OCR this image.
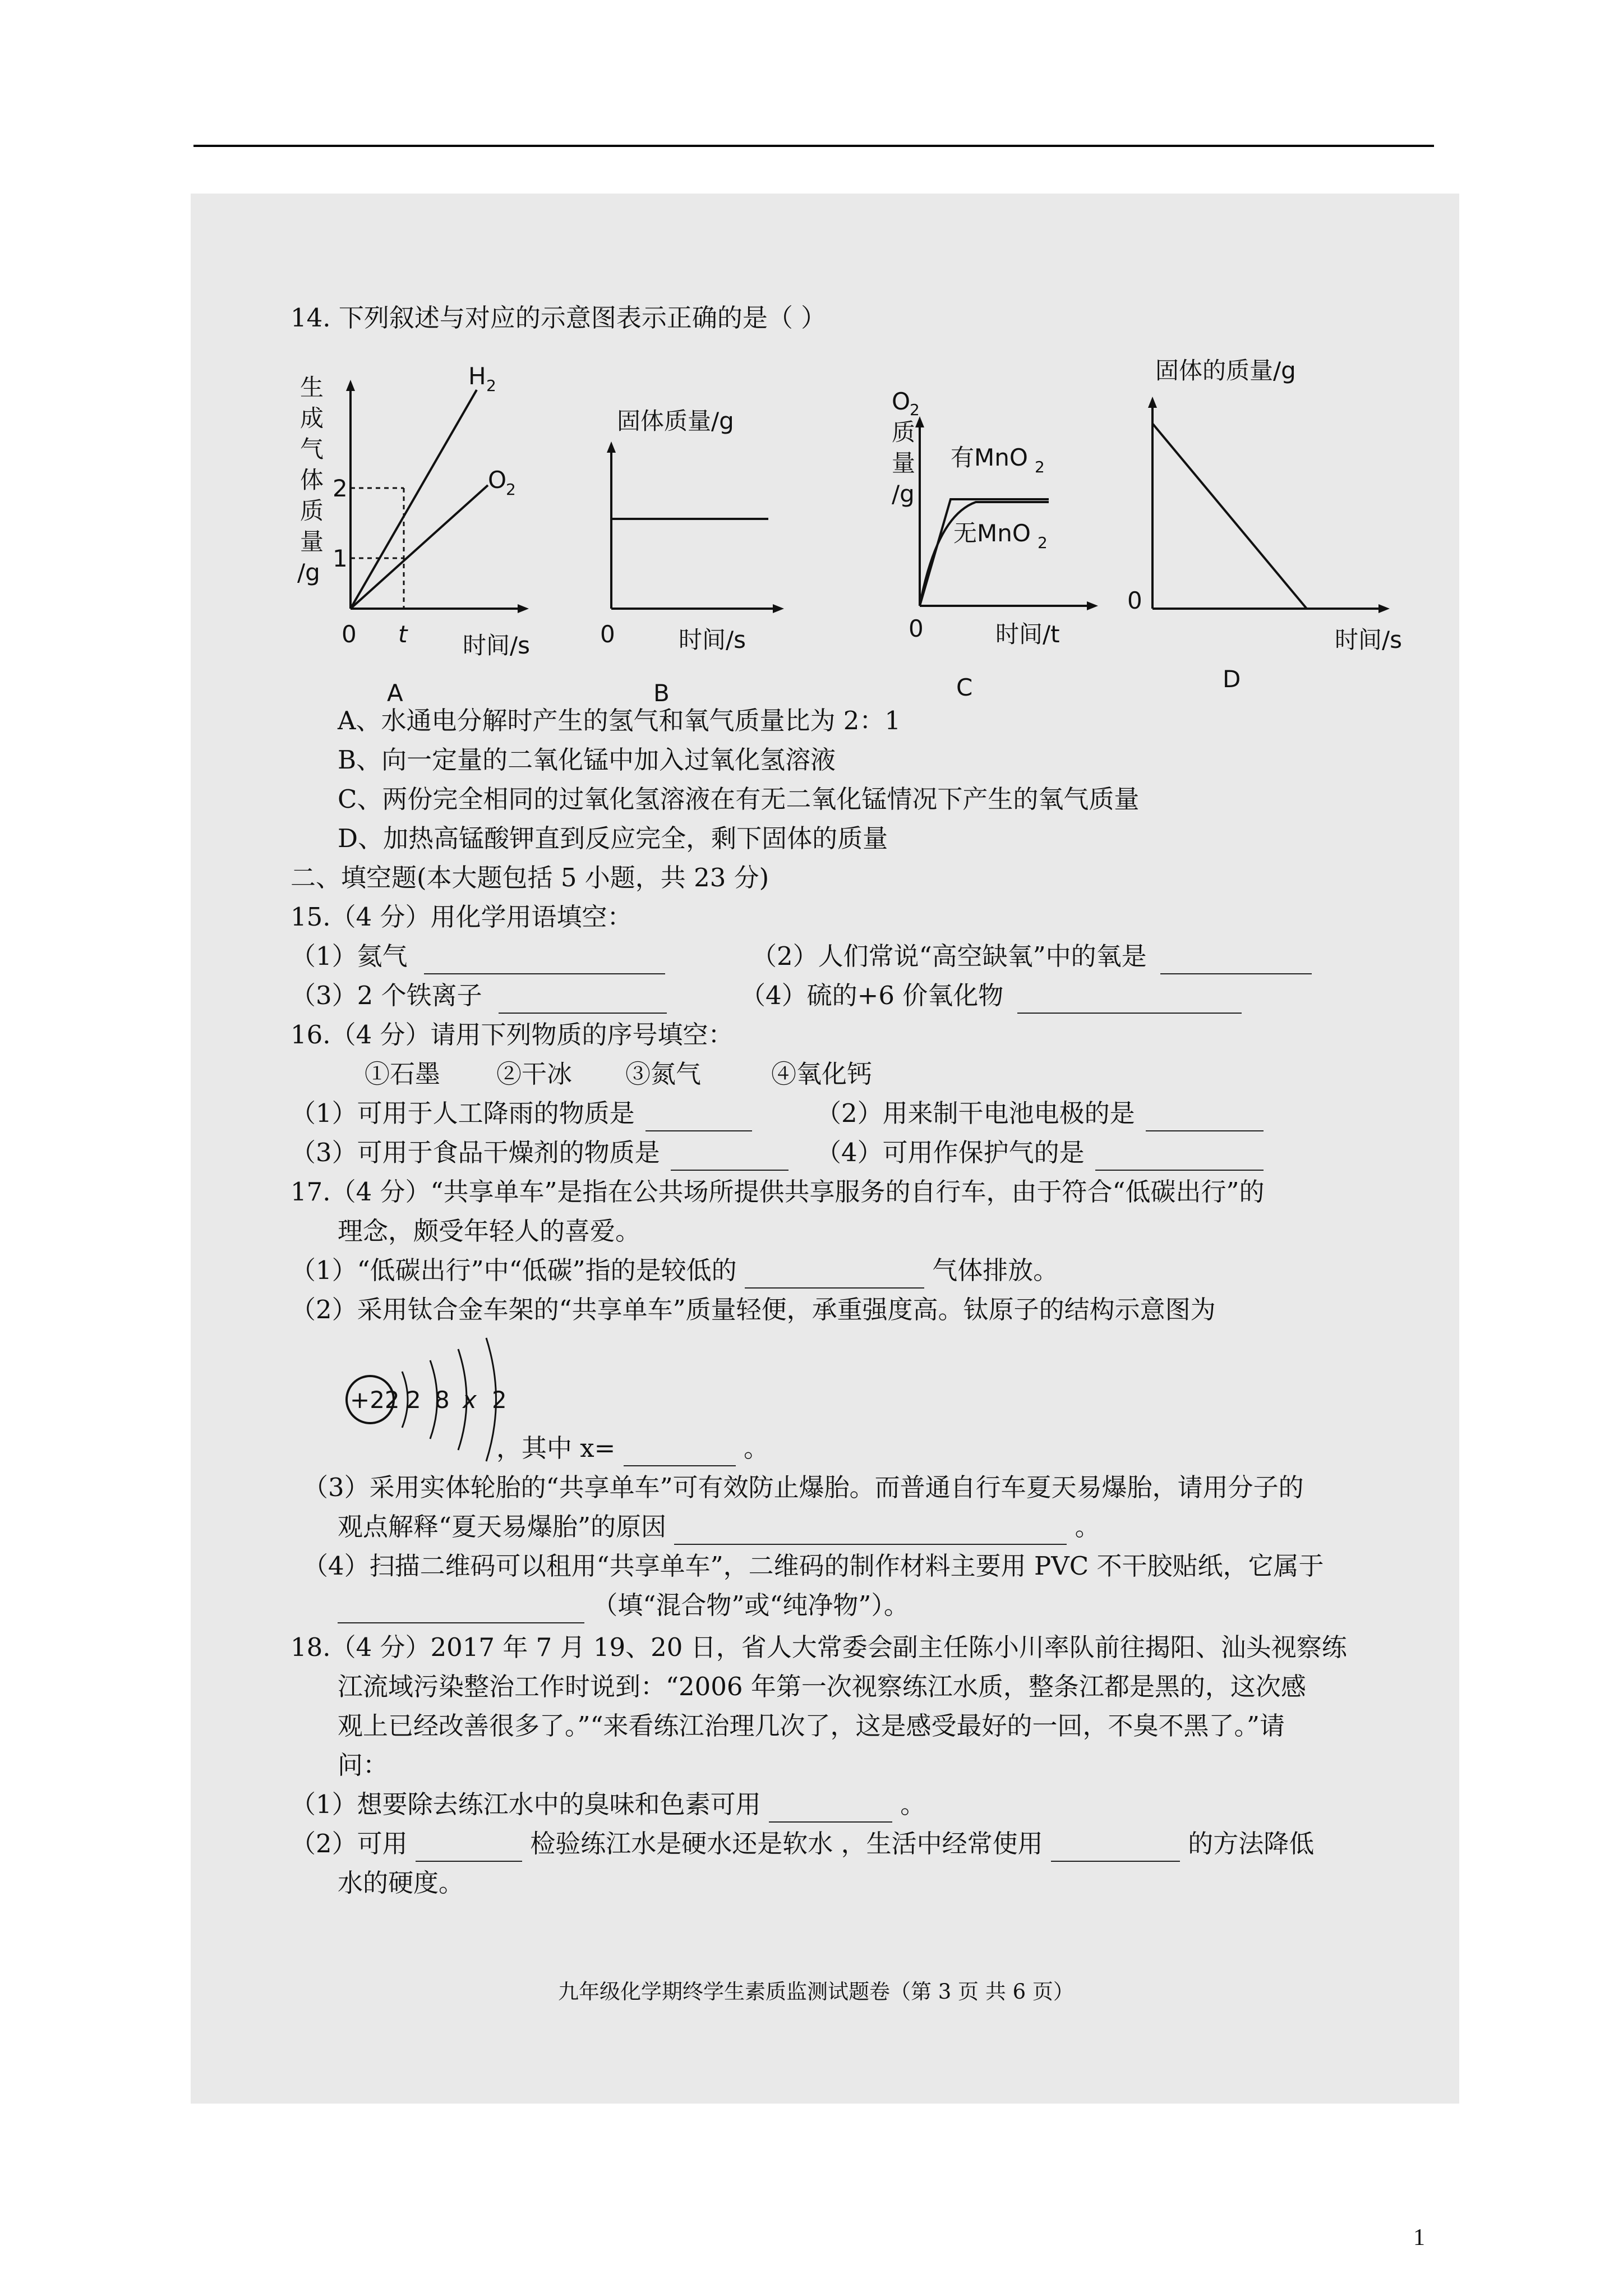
14. 下列叙述与对应的示意图表示正确的是（ ）
生
成
气
体
质
量
/g
2
1
0 t
H 2
O
2
时间/s
A
固体质量/g
0	时间/s
B
O
2
质
量
/g
有MnO 2
无MnO 2
0	时间/t
C
固体的质量/g
0
时间/s
D
A、水通电分解时产生的氢气和氧气质量比为 2：1
B、向一定量的二氧化锰中加入过氧化氢溶液
C、两份完全相同的过氧化氢溶液在有无二氧化锰情况下产生的氧气质量
D、加热高锰酸钾直到反应完全，剩下固体的质量
二、填空题(本大题包括 5 小题，共 23 分)
15.（4 分）用化学用语填空：
（1）氦气	（2）人们常说“高空缺氧”中的氧是
（3）2 个铁离子	（4）硫的+6 价氧化物
16.（4 分）请用下列物质的序号填空：
①石墨 ②干冰 ③氮气	④氧化钙
（1）可用于人工降雨的物质是	（2）用来制干电池电极的是
（3）可用于食品干燥剂的物质是	（4）可用作保护气的是
17.（4 分）“共享单车”是指在公共场所提供共享服务的自行车，由于符合“低碳出行”的
理念，颇受年轻人的喜爱。
（1）“低碳出行”中“低碳”指的是较低的	气体排放。
（2）采用钛合金车架的“共享单车”质量轻便，承重强度高。钛原子的结构示意图为
+22 2 8 x 2
，其中 x=	。
（3）采用实体轮胎的“共享单车”可有效防止爆胎。而普通自行车夏天易爆胎，请用分子的
观点解释“夏天易爆胎”的原因	。
（4）扫描二维码可以租用“共享单车”，二维码的制作材料主要用 PVC 不干胶贴纸，它属于
（填“混合物”或“纯净物”）。
18.（4 分）2017 年 7 月 19、20 日，省人大常委会副主任陈小川率队前往揭阳、汕头视察练
江流域污染整治工作时说到：“2006 年第一次视察练江水质，整条江都是黑的，这次感
观上已经改善很多了。”“来看练江治理几次了，这是感受最好的一回，不臭不黑了。”请
问：
（1）想要除去练江水中的臭味和色素可用	。
（2）可用	检验练江水是硬水还是软水 ，生活中经常使用	的方法降低
水的硬度。
九年级化学期终学生素质监测试题卷（第 3 页 共 6 页）
1
